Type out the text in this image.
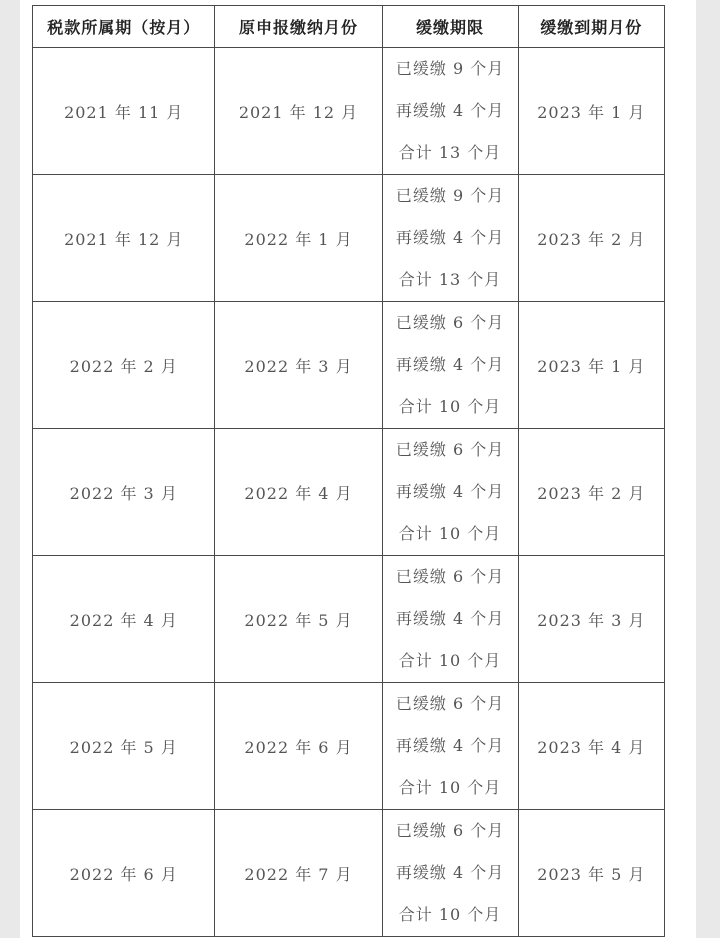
税款所属期（按月）	原申报缴纳月份	缓缴期限	缓缴到期月份
2021 年 11 月	2021 年 12 月	已缓缴 9 个月
再缓缴 4 个月
合计 13 个月	2023 年 1 月
2021 年 12 月	2022 年 1 月	已缓缴 9 个月
再缓缴 4 个月
合计 13 个月	2023 年 2 月
2022 年 2 月	2022 年 3 月	已缓缴 6 个月
再缓缴 4 个月
合计 10 个月	2023 年 1 月
2022 年 3 月	2022 年 4 月	已缓缴 6 个月
再缓缴 4 个月
合计 10 个月	2023 年 2 月
2022 年 4 月	2022 年 5 月	已缓缴 6 个月
再缓缴 4 个月
合计 10 个月	2023 年 3 月
2022 年 5 月	2022 年 6 月	已缓缴 6 个月
再缓缴 4 个月
合计 10 个月	2023 年 4 月
2022 年 6 月	2022 年 7 月	已缓缴 6 个月
再缓缴 4 个月
合计 10 个月	2023 年 5 月
